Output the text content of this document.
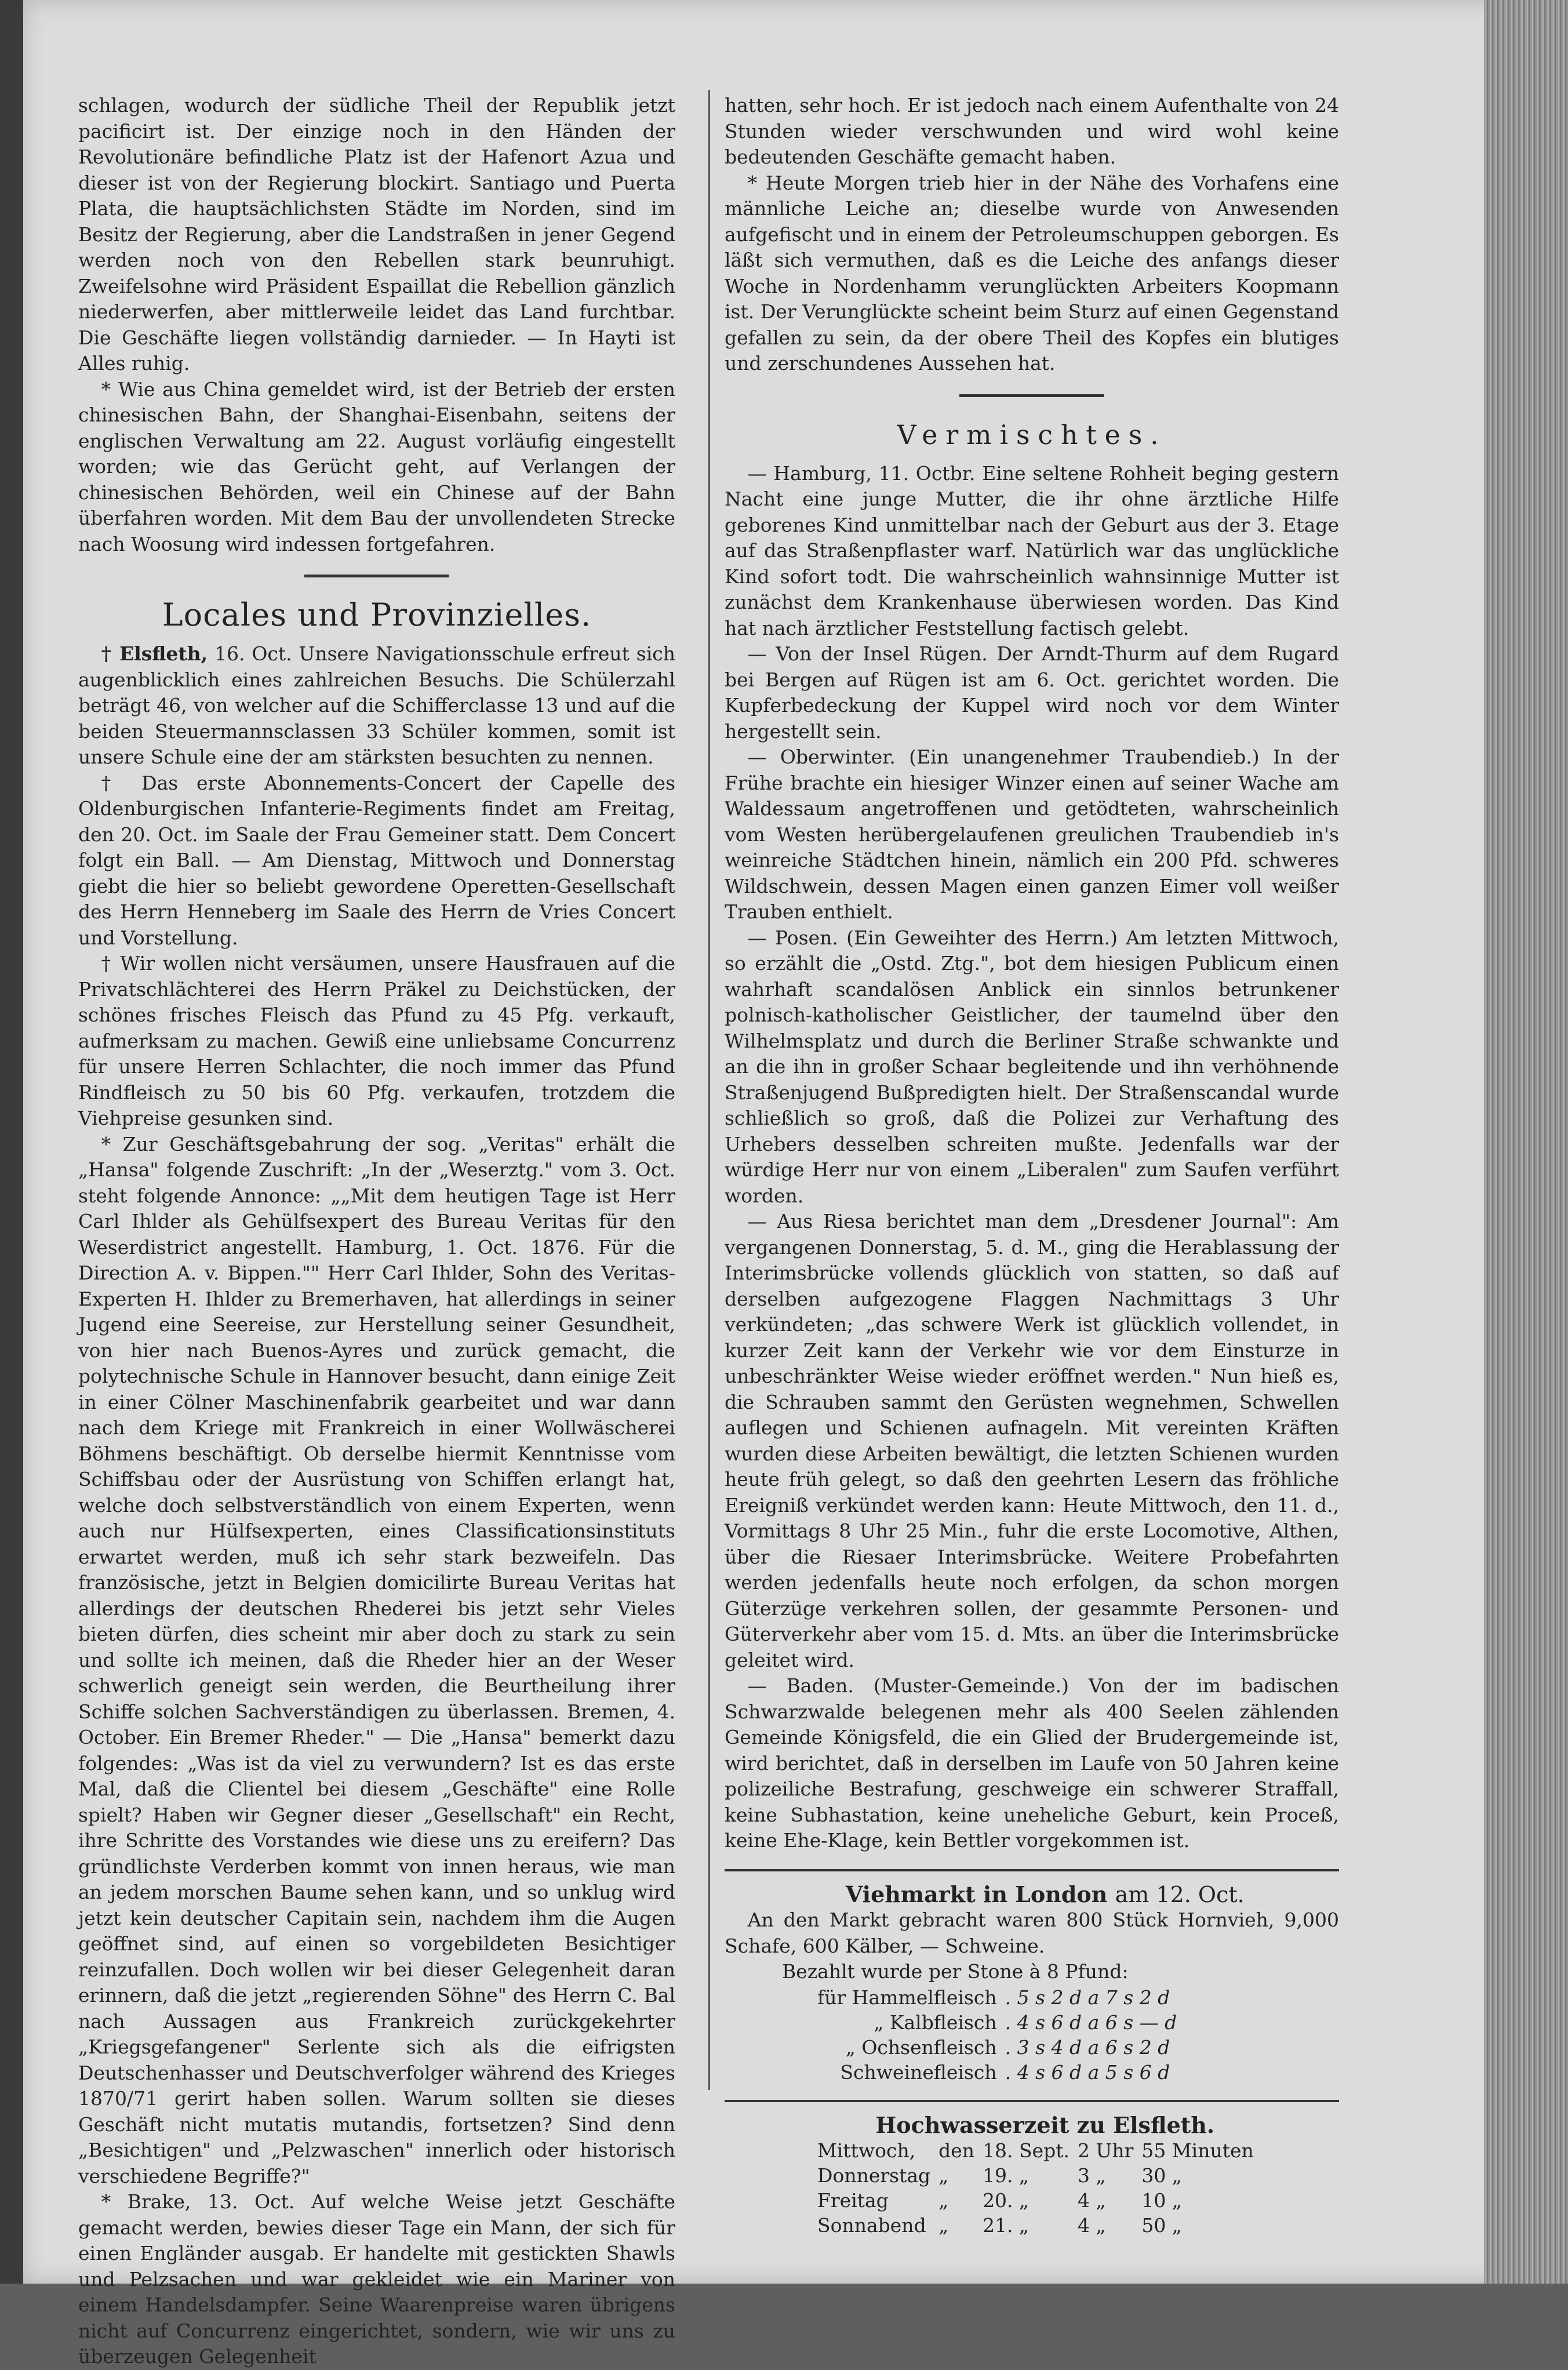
schlagen, wodurch der südliche Theil der Republik jetzt pacificirt ist. Der einzige noch in den Händen der Revolutionäre befindliche Platz ist der Hafenort Azua und dieser ist von der Regierung blockirt. Santiago und Puerta Plata, die hauptsächlichsten Städte im Norden, sind im Besitz der Regierung, aber die Landstraßen in jener Gegend werden noch von den Rebellen stark beunruhigt. Zweifelsohne wird Präsident Espaillat die Rebellion gänzlich niederwerfen, aber mittlerweile leidet das Land furchtbar. Die Geschäfte liegen vollständig darnieder. — In Hayti ist Alles ruhig.

* Wie aus China gemeldet wird, ist der Betrieb der ersten chinesischen Bahn, der Shanghai-Eisenbahn, seitens der englischen Verwaltung am 22. August vorläufig eingestellt worden; wie das Gerücht geht, auf Verlangen der chinesischen Behörden, weil ein Chinese auf der Bahn überfahren worden. Mit dem Bau der unvollendeten Strecke nach Woosung wird indessen fortgefahren.

Locales und Provinzielles.

† Elsfleth, 16. Oct. Unsere Navigationsschule erfreut sich augenblicklich eines zahlreichen Besuchs. Die Schülerzahl beträgt 46, von welcher auf die Schifferclasse 13 und auf die beiden Steuermannsclassen 33 Schüler kommen, somit ist unsere Schule eine der am stärksten besuchten zu nennen.

† Das erste Abonnements-Concert der Capelle des Oldenburgischen Infanterie-Regiments findet am Freitag, den 20. Oct. im Saale der Frau Gemeiner statt. Dem Concert folgt ein Ball. — Am Dienstag, Mittwoch und Donnerstag giebt die hier so beliebt gewordene Operetten-Gesellschaft des Herrn Henneberg im Saale des Herrn de Vries Concert und Vorstellung.

† Wir wollen nicht versäumen, unsere Hausfrauen auf die Privatschlächterei des Herrn Präkel zu Deichstücken, der schönes frisches Fleisch das Pfund zu 45 Pfg. verkauft, aufmerksam zu machen. Gewiß eine unliebsame Concurrenz für unsere Herren Schlachter, die noch immer das Pfund Rindfleisch zu 50 bis 60 Pfg. verkaufen, trotzdem die Viehpreise gesunken sind.

* Zur Geschäftsgebahrung der sog. „Veritas" erhält die „Hansa" folgende Zuschrift: „In der „Weserztg." vom 3. Oct. steht folgende Annonce: „„Mit dem heutigen Tage ist Herr Carl Ihlder als Gehülfsexpert des Bureau Veritas für den Weserdistrict angestellt. Hamburg, 1. Oct. 1876. Für die Direction A. v. Bippen."" Herr Carl Ihlder, Sohn des Veritas-Experten H. Ihlder zu Bremerhaven, hat allerdings in seiner Jugend eine Seereise, zur Herstellung seiner Gesundheit, von hier nach Buenos-Ayres und zurück gemacht, die polytechnische Schule in Hannover besucht, dann einige Zeit in einer Cölner Maschinenfabrik gearbeitet und war dann nach dem Kriege mit Frankreich in einer Wollwäscherei Böhmens beschäftigt. Ob derselbe hiermit Kenntnisse vom Schiffsbau oder der Ausrüstung von Schiffen erlangt hat, welche doch selbstverständlich von einem Experten, wenn auch nur Hülfsexperten, eines Classificationsinstituts erwartet werden, muß ich sehr stark bezweifeln. Das französische, jetzt in Belgien domicilirte Bureau Veritas hat allerdings der deutschen Rhederei bis jetzt sehr Vieles bieten dürfen, dies scheint mir aber doch zu stark zu sein und sollte ich meinen, daß die Rheder hier an der Weser schwerlich geneigt sein werden, die Beurtheilung ihrer Schiffe solchen Sachverständigen zu überlassen. Bremen, 4. October. Ein Bremer Rheder." — Die „Hansa" bemerkt dazu folgendes: „Was ist da viel zu verwundern? Ist es das erste Mal, daß die Clientel bei diesem „Geschäfte" eine Rolle spielt? Haben wir Gegner dieser „Gesellschaft" ein Recht, ihre Schritte des Vorstandes wie diese uns zu ereifern? Das gründlichste Verderben kommt von innen heraus, wie man an jedem morschen Baume sehen kann, und so unklug wird jetzt kein deutscher Capitain sein, nachdem ihm die Augen geöffnet sind, auf einen so vorgebildeten Besichtiger reinzufallen. Doch wollen wir bei dieser Gelegenheit daran erinnern, daß die jetzt „regierenden Söhne" des Herrn C. Bal nach Aussagen aus Frankreich zurückgekehrter „Kriegsgefangener" Serlente sich als die eifrigsten Deutschenhasser und Deutschverfolger während des Krieges 1870/71 gerirt haben sollen. Warum sollten sie dieses Geschäft nicht mutatis mutandis, fortsetzen? Sind denn „Besichtigen" und „Pelzwaschen" innerlich oder historisch verschiedene Begriffe?"

* Brake, 13. Oct. Auf welche Weise jetzt Geschäfte gemacht werden, bewies dieser Tage ein Mann, der sich für einen Engländer ausgab. Er handelte mit gestickten Shawls und Pelzsachen und war gekleidet wie ein Mariner von einem Handelsdampfer. Seine Waarenpreise waren übrigens nicht auf Concurrenz eingerichtet, sondern, wie wir uns zu überzeugen Gelegenheit

hatten, sehr hoch. Er ist jedoch nach einem Aufenthalte von 24 Stunden wieder verschwunden und wird wohl keine bedeutenden Geschäfte gemacht haben.

* Heute Morgen trieb hier in der Nähe des Vorhafens eine männliche Leiche an; dieselbe wurde von Anwesenden aufgefischt und in einem der Petroleumschuppen geborgen. Es läßt sich vermuthen, daß es die Leiche des anfangs dieser Woche in Nordenhamm verunglückten Arbeiters Koopmann ist. Der Verunglückte scheint beim Sturz auf einen Gegenstand gefallen zu sein, da der obere Theil des Kopfes ein blutiges und zerschundenes Aussehen hat.

Vermischtes.

— Hamburg, 11. Octbr. Eine seltene Rohheit beging gestern Nacht eine junge Mutter, die ihr ohne ärztliche Hilfe geborenes Kind unmittelbar nach der Geburt aus der 3. Etage auf das Straßenpflaster warf. Natürlich war das unglückliche Kind sofort todt. Die wahrscheinlich wahnsinnige Mutter ist zunächst dem Krankenhause überwiesen worden. Das Kind hat nach ärztlicher Feststellung factisch gelebt.

— Von der Insel Rügen. Der Arndt-Thurm auf dem Rugard bei Bergen auf Rügen ist am 6. Oct. gerichtet worden. Die Kupferbedeckung der Kuppel wird noch vor dem Winter hergestellt sein.

— Oberwinter. (Ein unangenehmer Traubendieb.) In der Frühe brachte ein hiesiger Winzer einen auf seiner Wache am Waldessaum angetroffenen und getödteten, wahrscheinlich vom Westen herübergelaufenen greulichen Traubendieb in's weinreiche Städtchen hinein, nämlich ein 200 Pfd. schweres Wildschwein, dessen Magen einen ganzen Eimer voll weißer Trauben enthielt.

— Posen. (Ein Geweihter des Herrn.) Am letzten Mittwoch, so erzählt die „Ostd. Ztg.", bot dem hiesigen Publicum einen wahrhaft scandalösen Anblick ein sinnlos betrunkener polnisch-katholischer Geistlicher, der taumelnd über den Wilhelmsplatz und durch die Berliner Straße schwankte und an die ihn in großer Schaar begleitende und ihn verhöhnende Straßenjugend Bußpredigten hielt. Der Straßenscandal wurde schließlich so groß, daß die Polizei zur Verhaftung des Urhebers desselben schreiten mußte. Jedenfalls war der würdige Herr nur von einem „Liberalen" zum Saufen verführt worden.

— Aus Riesa berichtet man dem „Dresdener Journal": Am vergangenen Donnerstag, 5. d. M., ging die Herablassung der Interimsbrücke vollends glücklich von statten, so daß auf derselben aufgezogene Flaggen Nachmittags 3 Uhr verkündeten; „das schwere Werk ist glücklich vollendet, in kurzer Zeit kann der Verkehr wie vor dem Einsturze in unbeschränkter Weise wieder eröffnet werden." Nun hieß es, die Schrauben sammt den Gerüsten wegnehmen, Schwellen auflegen und Schienen aufnageln. Mit vereinten Kräften wurden diese Arbeiten bewältigt, die letzten Schienen wurden heute früh gelegt, so daß den geehrten Lesern das fröhliche Ereigniß verkündet werden kann: Heute Mittwoch, den 11. d., Vormittags 8 Uhr 25 Min., fuhr die erste Locomotive, Althen, über die Riesaer Interimsbrücke. Weitere Probefahrten werden jedenfalls heute noch erfolgen, da schon morgen Güterzüge verkehren sollen, der gesammte Personen- und Güterverkehr aber vom 15. d. Mts. an über die Interimsbrücke geleitet wird.

— Baden. (Muster-Gemeinde.) Von der im badischen Schwarzwalde belegenen mehr als 400 Seelen zählenden Gemeinde Königsfeld, die ein Glied der Brudergemeinde ist, wird berichtet, daß in derselben im Laufe von 50 Jahren keine polizeiliche Bestrafung, geschweige ein schwerer Straffall, keine Subhastation, keine uneheliche Geburt, kein Proceß, keine Ehe-Klage, kein Bettler vorgekommen ist.

Viehmarkt in London am 12. Oct.

An den Markt gebracht waren 800 Stück Hornvieh, 9,000 Schafe, 600 Kälber, — Schweine.

Bezahlt wurde per Stone à 8 Pfund:

für Hammelfleisch	. 5 s 2 d a 7 s 2 d
„ Kalbfleisch	. 4 s 6 d a 6 s — d
„ Ochsenfleisch	. 3 s 4 d a 6 s 2 d
Schweinefleisch	. 4 s 6 d a 5 s 6 d

Hochwasserzeit zu Elsfleth.

Mittwoch,	den	18. Sept.	2 Uhr	55 Minuten
Donnerstag	„	19. „	3 „	30 „
Freitag	„	20. „	4 „	10 „
Sonnabend	„	21. „	4 „	50 „
